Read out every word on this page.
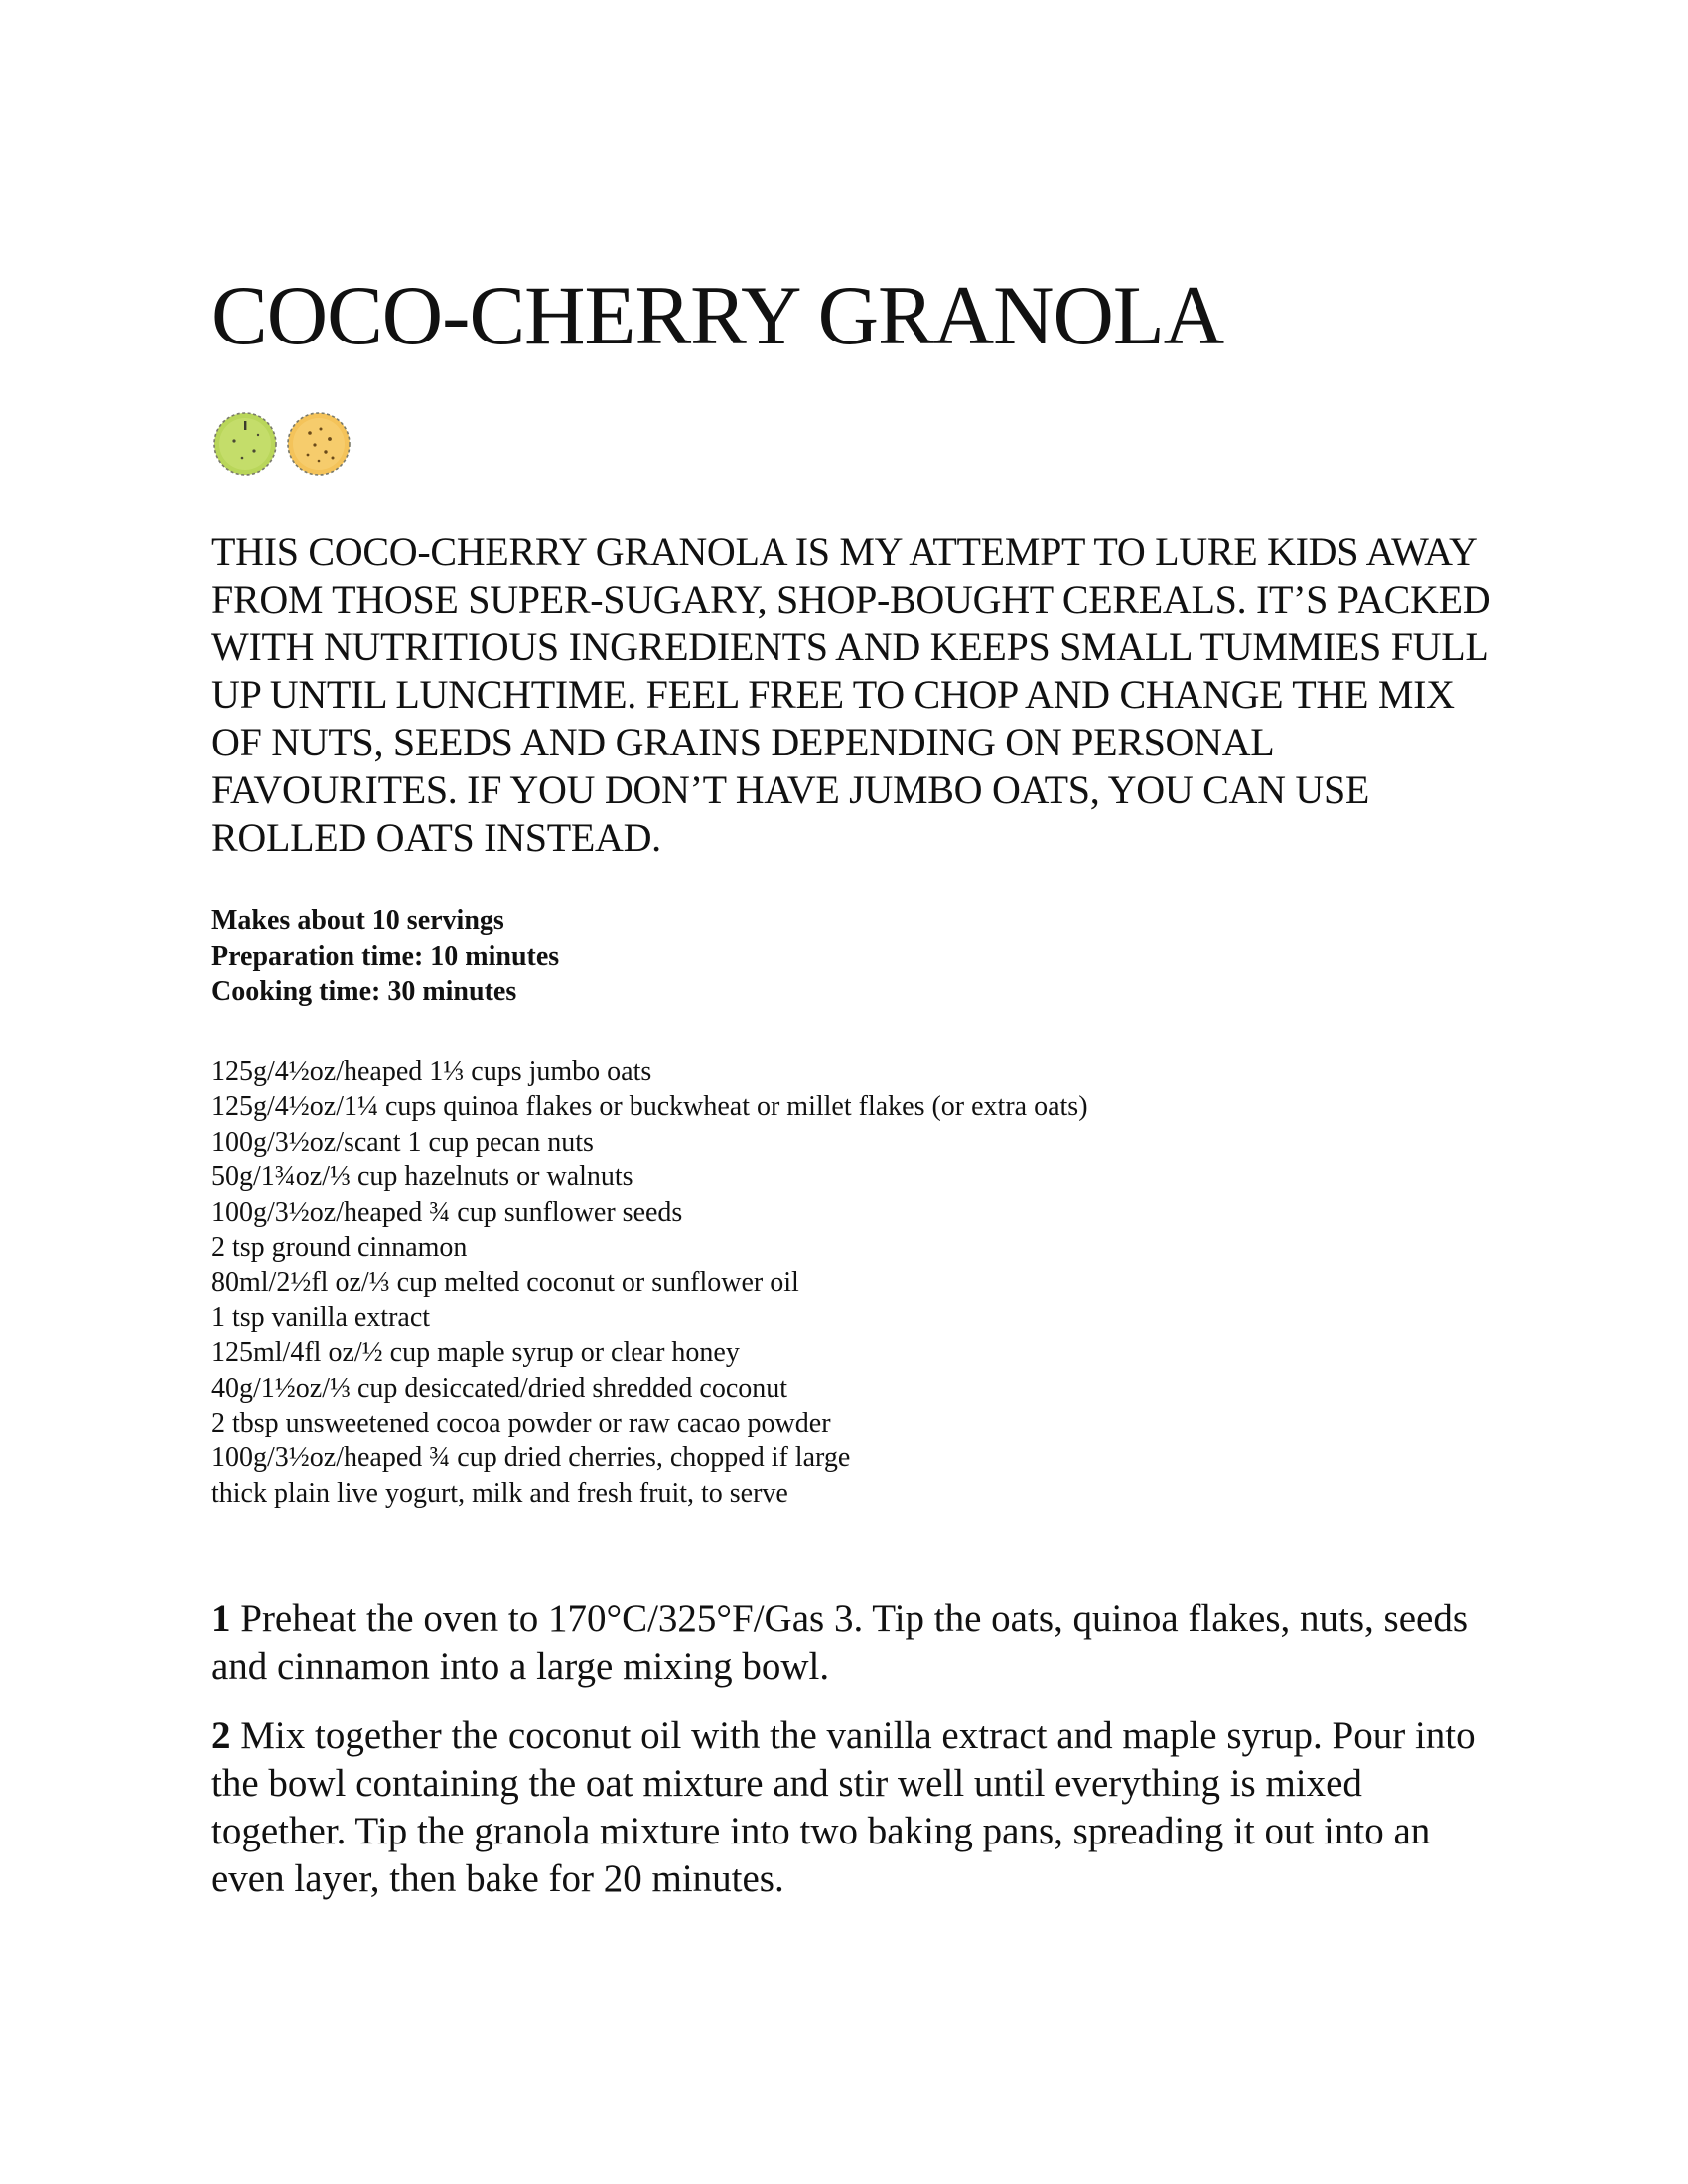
COCO-CHERRY GRANOLA

THIS COCO-CHERRY GRANOLA IS MY ATTEMPT TO LURE KIDS AWAY FROM THOSE SUPER-SUGARY, SHOP-BOUGHT CEREALS. IT’S PACKED WITH NUTRITIOUS INGREDIENTS AND KEEPS SMALL TUMMIES FULL UP UNTIL LUNCHTIME. FEEL FREE TO CHOP AND CHANGE THE MIX OF NUTS, SEEDS AND GRAINS DEPENDING ON PERSONAL FAVOURITES. IF YOU DON’T HAVE JUMBO OATS, YOU CAN USE ROLLED OATS INSTEAD.

Makes about 10 servings
Preparation time: 10 minutes
Cooking time: 30 minutes
125g/4½oz/heaped 1⅓ cups jumbo oats
125g/4½oz/1¼ cups quinoa flakes or buckwheat or millet flakes (or extra oats)
100g/3½oz/scant 1 cup pecan nuts
50g/1¾oz/⅓ cup hazelnuts or walnuts
100g/3½oz/heaped ¾ cup sunflower seeds
2 tsp ground cinnamon
80ml/2½fl oz/⅓ cup melted coconut or sunflower oil
1 tsp vanilla extract
125ml/4fl oz/½ cup maple syrup or clear honey
40g/1½oz/⅓ cup desiccated/dried shredded coconut
2 tbsp unsweetened cocoa powder or raw cacao powder
100g/3½oz/heaped ¾ cup dried cherries, chopped if large
thick plain live yogurt, milk and fresh fruit, to serve
1 Preheat the oven to 170°C/325°F/Gas 3. Tip the oats, quinoa flakes, nuts, seeds and cinnamon into a large mixing bowl.
2 Mix together the coconut oil with the vanilla extract and maple syrup. Pour into the bowl containing the oat mixture and stir well until everything is mixed together. Tip the granola mixture into two baking pans, spreading it out into an even layer, then bake for 20 minutes.
